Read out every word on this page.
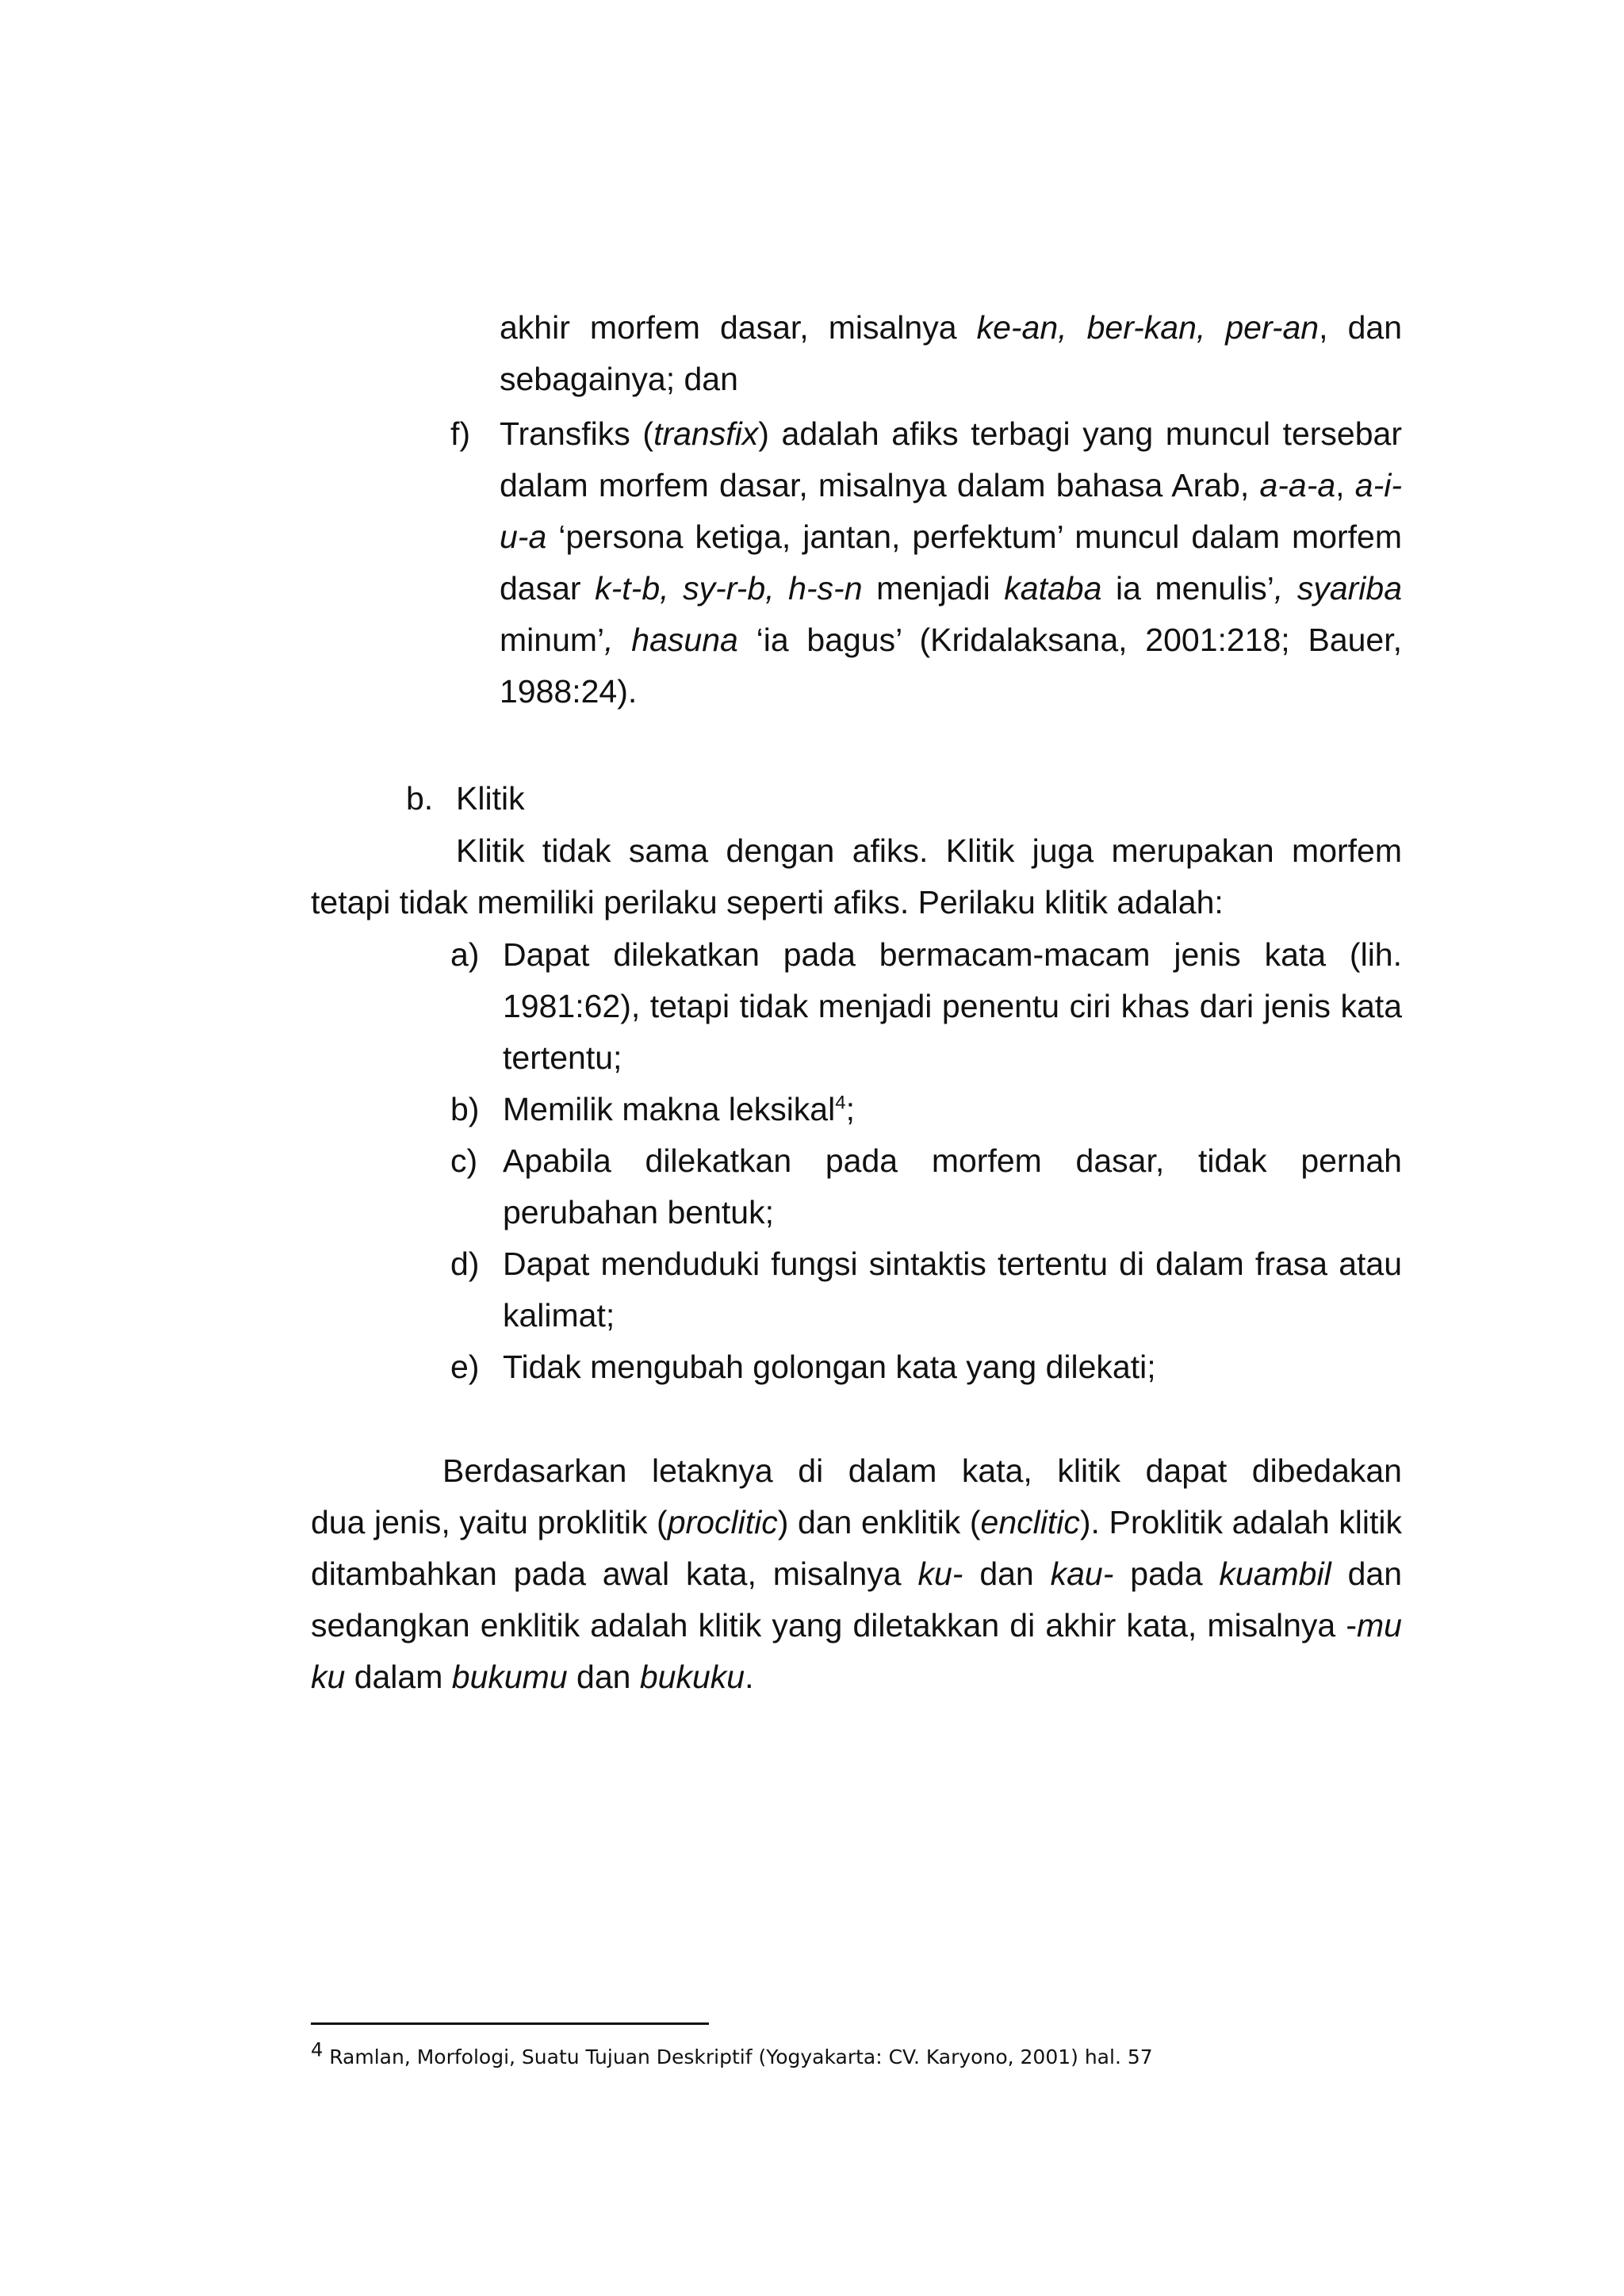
akhir morfem dasar, misalnya ke-an, ber-kan, per-an, dan
sebagainya; dan
f) Transfiks (transfix) adalah afiks terbagi yang muncul tersebar
dalam morfem dasar, misalnya dalam bahasa Arab, a-a-a, a-i-
u-a ‘persona ketiga, jantan, perfektum’ muncul dalam morfem
dasar k-t-b, sy-r-b, h-s-n menjadi kataba ia menulis’, syariba
minum’, hasuna ‘ia bagus’ (Kridalaksana, 2001:218; Bauer,
1988:24).
b. Klitik
Klitik tidak sama dengan afiks. Klitik juga merupakan morfem
tetapi tidak memiliki perilaku seperti afiks. Perilaku klitik adalah:
a) Dapat dilekatkan pada bermacam-macam jenis kata (lih.
1981:62), tetapi tidak menjadi penentu ciri khas dari jenis kata
tertentu;
b) Memilik makna leksikal$^4$;
c) Apabila dilekatkan pada morfem dasar, tidak pernah
perubahan bentuk;
d) Dapat menduduki fungsi sintaktis tertentu di dalam frasa atau
kalimat;
e) Tidak mengubah golongan kata yang dilekati;
Berdasarkan letaknya di dalam kata, klitik dapat dibedakan
dua jenis, yaitu proklitik (proclitic) dan enklitik (enclitic). Proklitik adalah klitik
ditambahkan pada awal kata, misalnya ku- dan kau- pada kuambil dan
sedangkan enklitik adalah klitik yang diletakkan di akhir kata, misalnya -mu
ku dalam bukumu dan bukuku.
$^4$ Ramlan, Morfologi, Suatu Tujuan Deskriptif (Yogyakarta: CV. Karyono, 2001) hal. 57
